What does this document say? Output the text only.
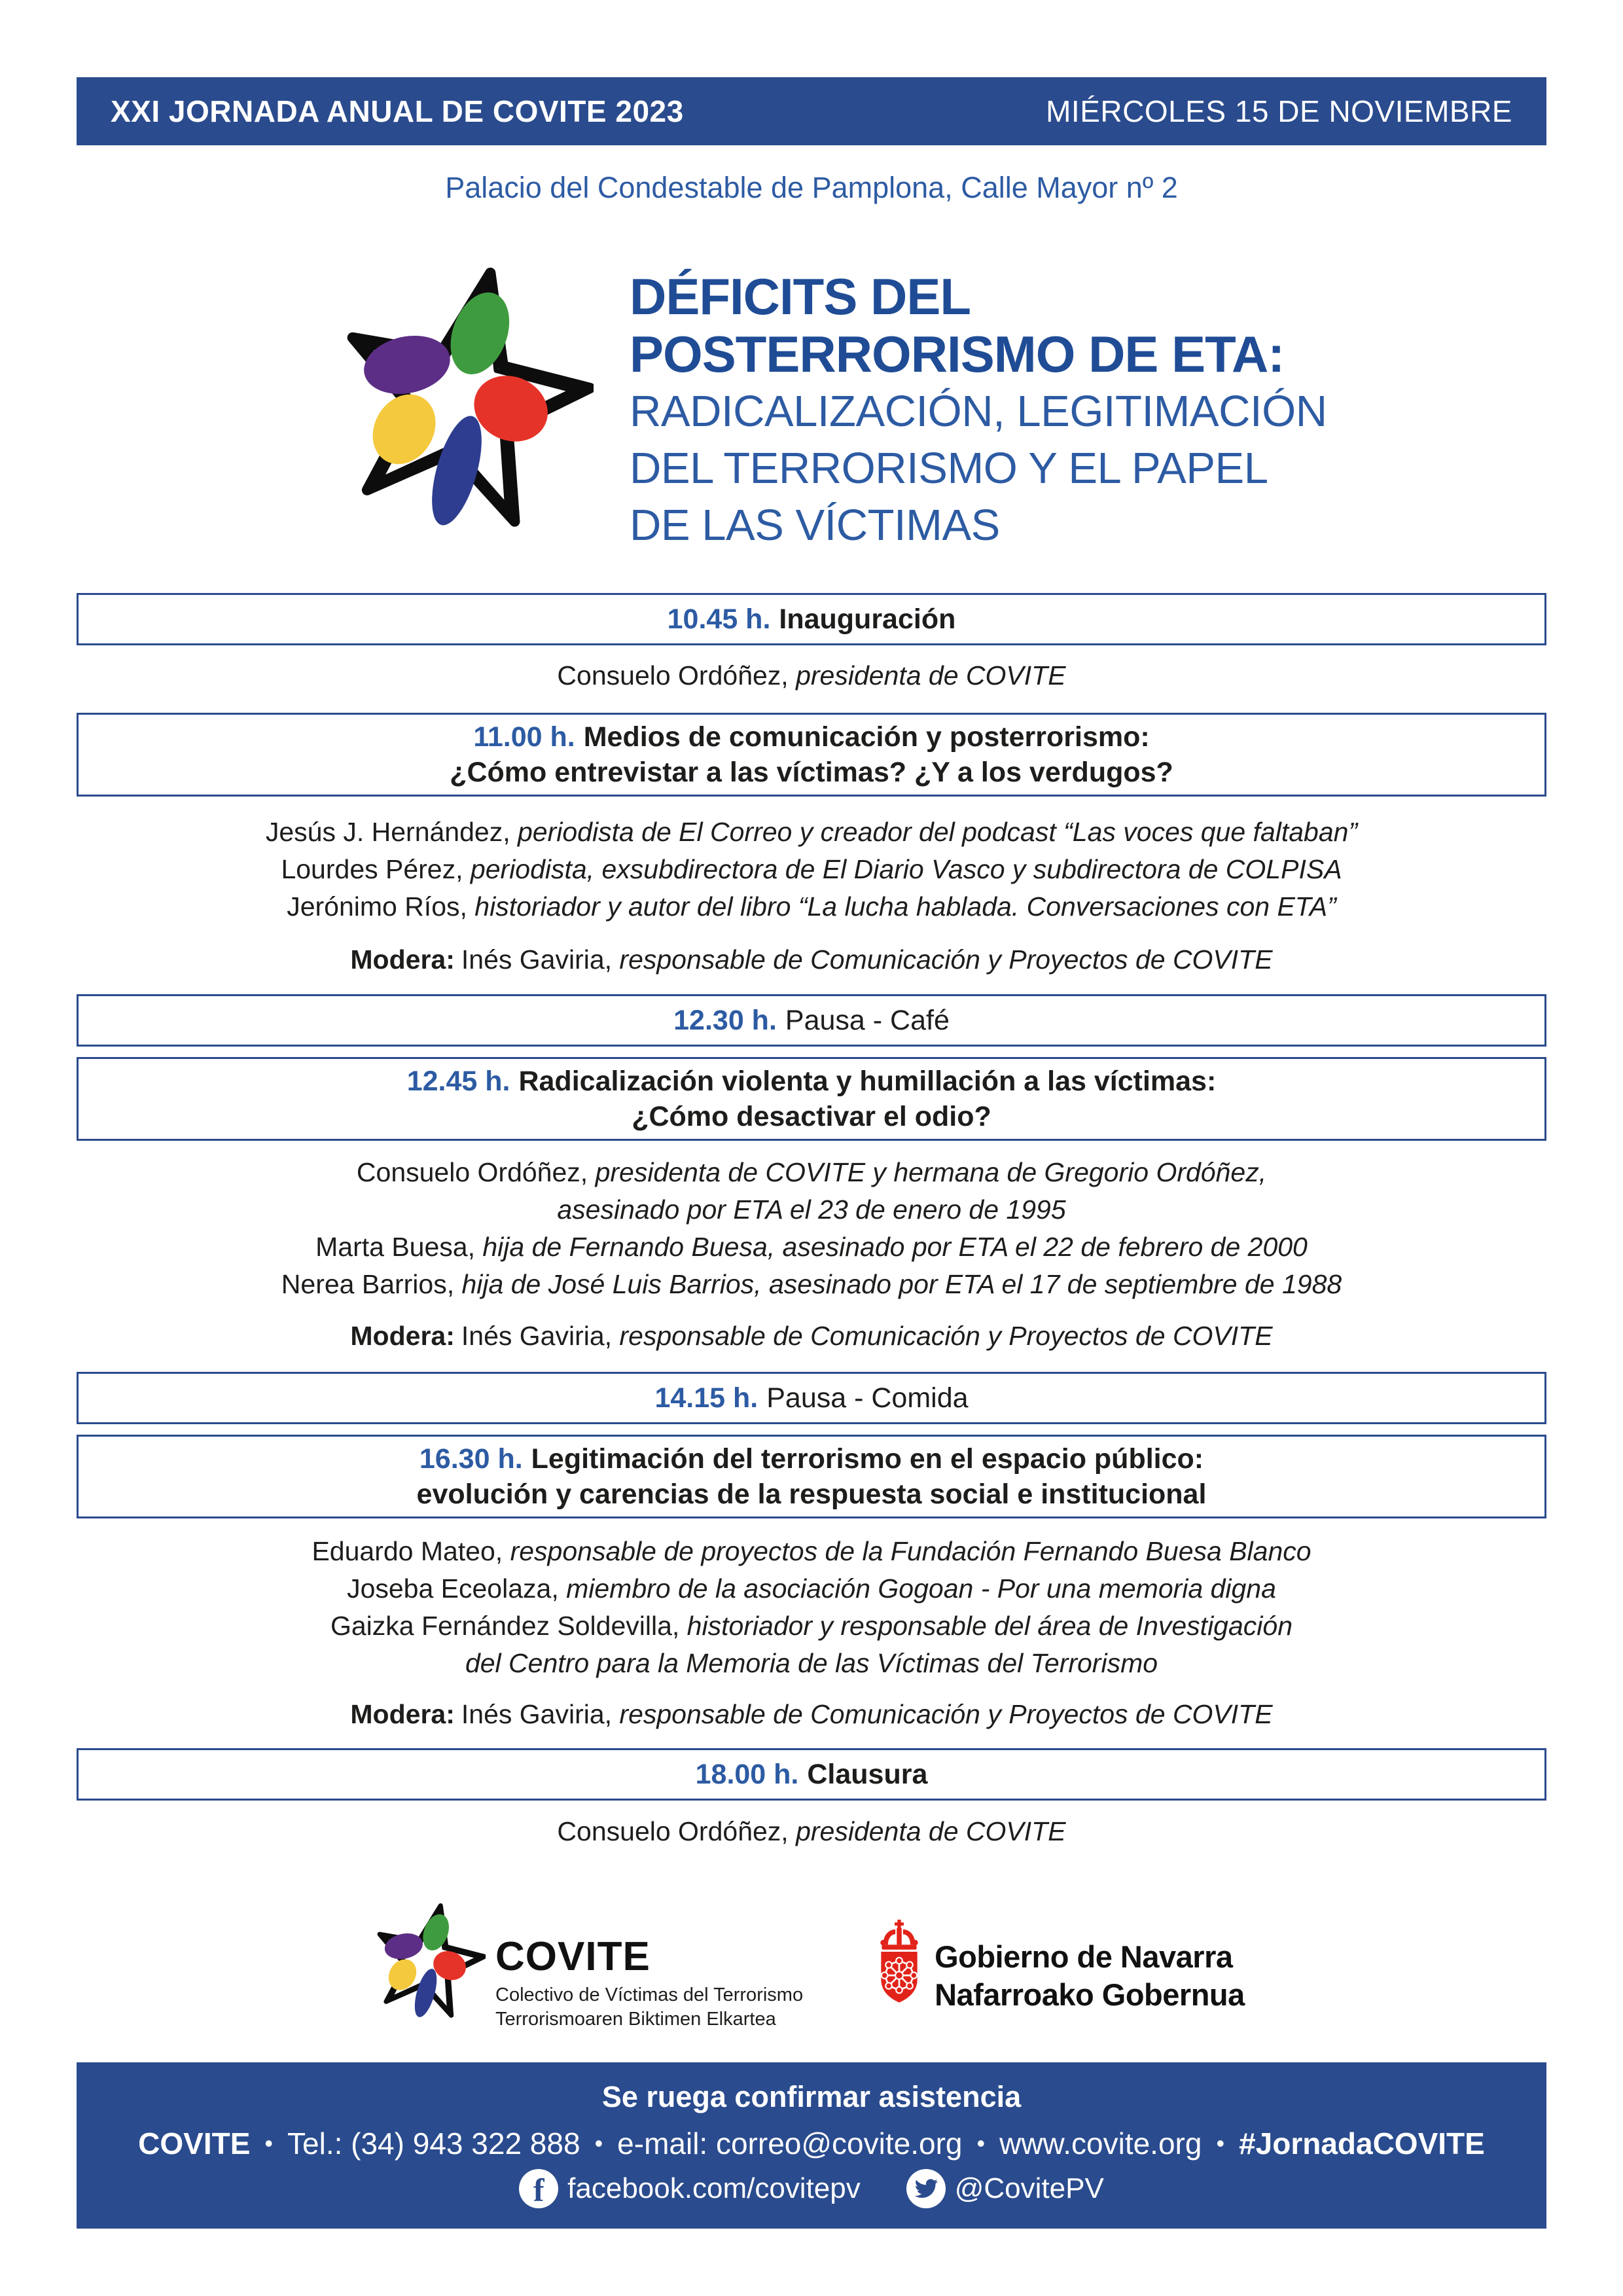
XXI JORNADA ANUAL DE COVITE 2023	MIÉRCOLES 15 DE NOVIEMBRE
Palacio del Condestable de Pamplona, Calle Mayor nº 2
DÉFICITS DEL
POSTERRORISMO DE ETA:
RADICALIZACIÓN, LEGITIMACIÓN
DEL TERRORISMO Y EL PAPEL
DE LAS VÍCTIMAS
10.45 h. Inauguración
Consuelo Ordóñez, presidenta de COVITE
11.00 h. Medios de comunicación y posterrorismo:
¿Cómo entrevistar a las víctimas? ¿Y a los verdugos?
Jesús J. Hernández, periodista de El Correo y creador del podcast “Las voces que faltaban”
Lourdes Pérez, periodista, exsubdirectora de El Diario Vasco y subdirectora de COLPISA
Jerónimo Ríos, historiador y autor del libro “La lucha hablada. Conversaciones con ETA”
Modera: Inés Gaviria, responsable de Comunicación y Proyectos de COVITE
12.30 h. Pausa - Café
12.45 h. Radicalización violenta y humillación a las víctimas:
¿Cómo desactivar el odio?
Consuelo Ordóñez, presidenta de COVITE y hermana de Gregorio Ordóñez,
asesinado por ETA el 23 de enero de 1995
Marta Buesa, hija de Fernando Buesa, asesinado por ETA el 22 de febrero de 2000
Nerea Barrios, hija de José Luis Barrios, asesinado por ETA el 17 de septiembre de 1988
Modera: Inés Gaviria, responsable de Comunicación y Proyectos de COVITE
14.15 h. Pausa - Comida
16.30 h. Legitimación del terrorismo en el espacio público:
evolución y carencias de la respuesta social e institucional
Eduardo Mateo, responsable de proyectos de la Fundación Fernando Buesa Blanco
Joseba Eceolaza, miembro de la asociación Gogoan - Por una memoria digna
Gaizka Fernández Soldevilla, historiador y responsable del área de Investigación
del Centro para la Memoria de las Víctimas del Terrorismo
Modera: Inés Gaviria, responsable de Comunicación y Proyectos de COVITE
18.00 h. Clausura
Consuelo Ordóñez, presidenta de COVITE
COVITE
Colectivo de Víctimas del Terrorismo
Terrorismoaren Biktimen Elkartea
Gobierno de Navarra
Nafarroako Gobernua
Se ruega confirmar asistencia
COVITE • Tel.: (34) 943 322 888 • e-mail: correo@covite.org • www.covite.org • #JornadaCOVITE
f facebook.com/covitepv	@CovitePV
